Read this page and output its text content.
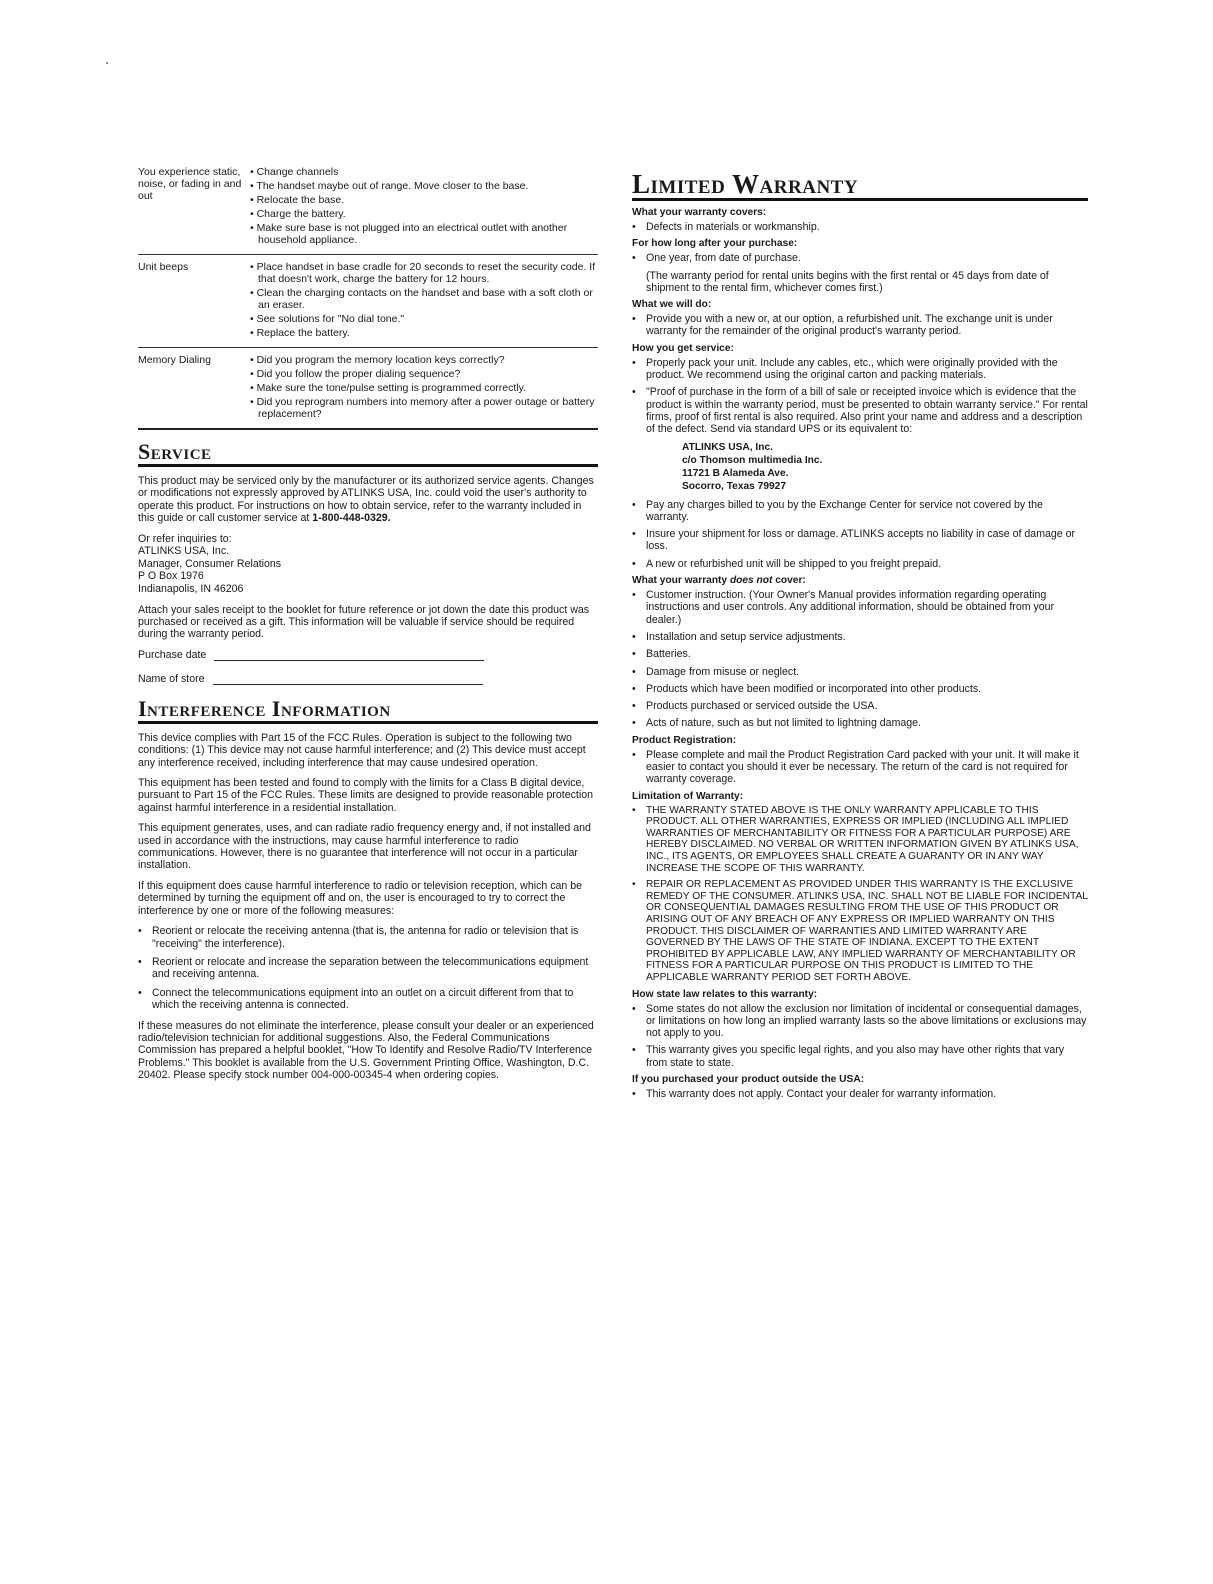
You experience static, noise, or fading in and out
• Change channels
• The handset maybe out of range. Move closer to the base.
• Relocate the base.
• Charge the battery.
• Make sure base is not plugged into an electrical outlet with another household appliance.
Unit beeps	• Place handset in base cradle for 20 seconds to reset the security code. If that doesn't work, charge the battery for 12 hours.
• Clean the charging contacts on the handset and base with a soft cloth or an eraser.
• See solutions for "No dial tone."
• Replace the battery.
Memory Dialing	• Did you program the memory location keys correctly?
• Did you follow the proper dialing sequence?
• Make sure the tone/pulse setting is programmed correctly.
• Did you reprogram numbers into memory after a power outage or battery replacement?
Service

This product may be serviced only by the manufacturer or its authorized service agents. Changes or modifications not expressly approved by ATLINKS USA, Inc. could void the user's authority to operate this product. For instructions on how to obtain service, refer to the warranty included in this guide or call customer service at 1-800-448-0329.

Or refer inquiries to:
ATLINKS USA, Inc.
Manager, Consumer Relations
P O Box 1976
Indianapolis, IN 46206

Attach your sales receipt to the booklet for future reference or jot down the date this product was purchased or received as a gift. This information will be valuable if service should be required during the warranty period.

Purchase date
Name of store
Interference Information

This device complies with Part 15 of the FCC Rules. Operation is subject to the following two conditions: (1) This device may not cause harmful interference; and (2) This device must accept any interference received, including interference that may cause undesired operation.

This equipment has been tested and found to comply with the limits for a Class B digital device, pursuant to Part 15 of the FCC Rules. These limits are designed to provide reasonable protection against harmful interference in a residential installation.

This equipment generates, uses, and can radiate radio frequency energy and, if not installed and used in accordance with the instructions, may cause harmful interference to radio communications. However, there is no guarantee that interference will not occur in a particular installation.

If this equipment does cause harmful interference to radio or television reception, which can be determined by turning the equipment off and on, the user is encouraged to try to correct the interference by one or more of the following measures:

• Reorient or relocate the receiving antenna (that is, the antenna for radio or television that is "receiving" the interference).
• Reorient or relocate and increase the separation between the telecommunications equipment and receiving antenna.
• Connect the telecommunications equipment into an outlet on a circuit different from that to which the receiving antenna is connected.

If these measures do not eliminate the interference, please consult your dealer or an experienced radio/television technician for additional suggestions. Also, the Federal Communications Commission has prepared a helpful booklet, "How To Identify and Resolve Radio/TV Interference Problems." This booklet is available from the U.S. Government Printing Office, Washington, D.C. 20402. Please specify stock number 004-000-00345-4 when ordering copies.

Limited Warranty
What your warranty covers:
• Defects in materials or workmanship.
For how long after your purchase:
• One year, from date of purchase.
(The warranty period for rental units begins with the first rental or 45 days from date of shipment to the rental firm, whichever comes first.)
What we will do:
• Provide you with a new or, at our option, a refurbished unit. The exchange unit is under warranty for the remainder of the original product's warranty period.
How you get service:
• Properly pack your unit. Include any cables, etc., which were originally provided with the product. We recommend using the original carton and packing materials.
• "Proof of purchase in the form of a bill of sale or receipted invoice which is evidence that the product is within the warranty period, must be presented to obtain warranty service." For rental firms, proof of first rental is also required. Also print your name and address and a description of the defect. Send via standard UPS or its equivalent to:
ATLINKS USA, Inc.
c/o Thomson multimedia Inc.
11721 B Alameda Ave.
Socorro, Texas 79927
• Pay any charges billed to you by the Exchange Center for service not covered by the warranty.
• Insure your shipment for loss or damage. ATLINKS accepts no liability in case of damage or loss.
• A new or refurbished unit will be shipped to you freight prepaid.
What your warranty does not cover:
• Customer instruction. (Your Owner's Manual provides information regarding operating instructions and user controls. Any additional information, should be obtained from your dealer.)
• Installation and setup service adjustments.
• Batteries.
• Damage from misuse or neglect.
• Products which have been modified or incorporated into other products.
• Products purchased or serviced outside the USA.
• Acts of nature, such as but not limited to lightning damage.
Product Registration:
• Please complete and mail the Product Registration Card packed with your unit. It will make it easier to contact you should it ever be necessary. The return of the card is not required for warranty coverage.
Limitation of Warranty:
• THE WARRANTY STATED ABOVE IS THE ONLY WARRANTY APPLICABLE TO THIS PRODUCT. ALL OTHER WARRANTIES, EXPRESS OR IMPLIED (INCLUDING ALL IMPLIED WARRANTIES OF MERCHANTABILITY OR FITNESS FOR A PARTICULAR PURPOSE) ARE HEREBY DISCLAIMED. NO VERBAL OR WRITTEN INFORMATION GIVEN BY ATLINKS USA, INC., ITS AGENTS, OR EMPLOYEES SHALL CREATE A GUARANTY OR IN ANY WAY INCREASE THE SCOPE OF THIS WARRANTY.
• REPAIR OR REPLACEMENT AS PROVIDED UNDER THIS WARRANTY IS THE EXCLUSIVE REMEDY OF THE CONSUMER. ATLINKS USA, INC. SHALL NOT BE LIABLE FOR INCIDENTAL OR CONSEQUENTIAL DAMAGES RESULTING FROM THE USE OF THIS PRODUCT OR ARISING OUT OF ANY BREACH OF ANY EXPRESS OR IMPLIED WARRANTY ON THIS PRODUCT. THIS DISCLAIMER OF WARRANTIES AND LIMITED WARRANTY ARE GOVERNED BY THE LAWS OF THE STATE OF INDIANA. EXCEPT TO THE EXTENT PROHIBITED BY APPLICABLE LAW, ANY IMPLIED WARRANTY OF MERCHANTABILITY OR FITNESS FOR A PARTICULAR PURPOSE ON THIS PRODUCT IS LIMITED TO THE APPLICABLE WARRANTY PERIOD SET FORTH ABOVE.
How state law relates to this warranty:
• Some states do not allow the exclusion nor limitation of incidental or consequential damages, or limitations on how long an implied warranty lasts so the above limitations or exclusions may not apply to you.
• This warranty gives you specific legal rights, and you also may have other rights that vary from state to state.
If you purchased your product outside the USA:
• This warranty does not apply. Contact your dealer for warranty information.
